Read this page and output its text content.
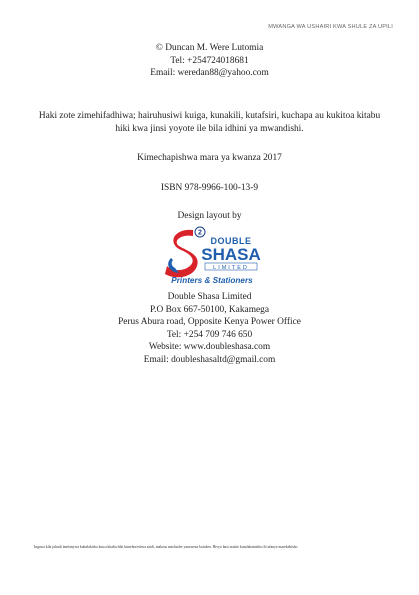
MWANGA WA USHAIRI KWA SHULE ZA UPILI

© Duncan M. Were Lutomia

Tel: +254724018681

Email: weredan88@yahoo.com

Haki zote zimehifadhiwa; hairuhusiwi kuiga, kunakili, kutafsiri, kuchapa au kukitoa kitabu hiki kwa jinsi yoyote ile bila idhini ya mwandishi.

Kimechapishwa mara ya kwanza 2017

ISBN 978-9966-100-13-9

Design layout by

2
DOUBLE
SHASA
LIMITED
Printers & Stationers

Double Shasa Limited

P.O Box 667-50100, Kakamega

Perus Abura road, Opposite Kenya Power Office

Tel: +254 709 746 650

Website: www.doubleshasa.com

Email: doubleshasaltd@gmail.com

Ingawa kila juhudi imefanywa kuhakikisha kuwa kitabu hiki kimeboreshwa zaidi, makosa machache yanaweza kutokea. Hivyo basi usisite kutufahamisha ili tufanye marekebisho.
